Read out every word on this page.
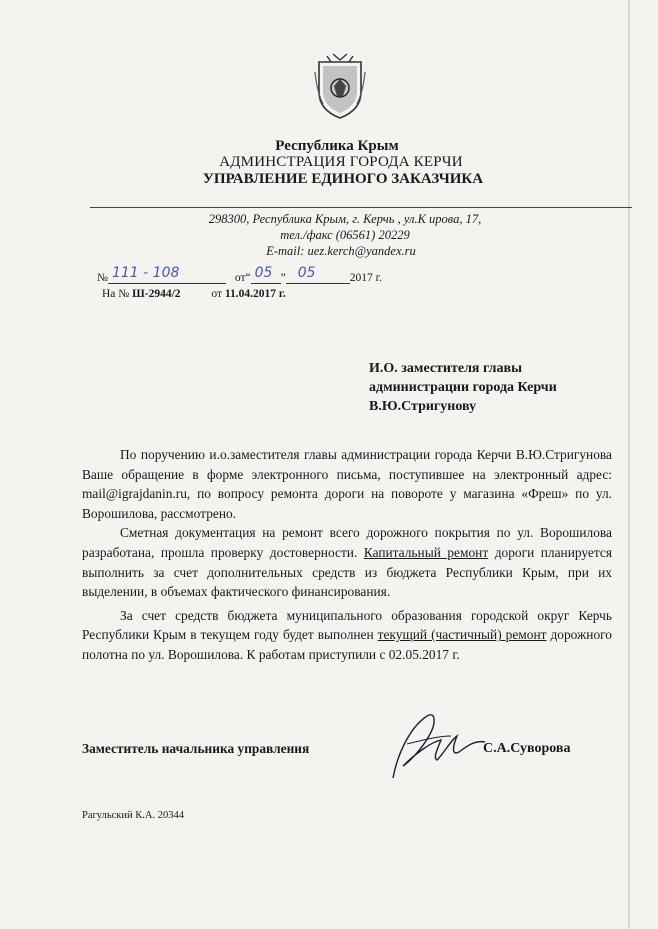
Республика Крым
АДМИНСТРАЦИЯ ГОРОДА КЕРЧИ
УПРАВЛЕНИЕ ЕДИНОГО ЗАКАЗЧИКА
298300, Республика Крым, г. Керчь , ул.К ирова, 17,
тел./факс (06561) 20229
E-mail: uez.kerch@yandex.ru
№ 111 - 108	от“ 05 ” 05	2017 г.
На № Ш-2944/2	от 11.04.2017 г.
И.О. заместителя главы
администрации города Керчи
В.Ю.Стригунову

По поручению и.о.заместителя главы администрации города Керчи В.Ю.Стригунова Ваше обращение в форме электронного письма, поступившее на электронный адрес: mail@igrajdanin.ru, по вопросу ремонта дороги на повороте у магазина «Фреш» по ул. Ворошилова, рассмотрено.

Сметная документация на ремонт всего дорожного покрытия по ул. Ворошилова разработана, прошла проверку достоверности. Капитальный ремонт дороги планируется выполнить за счет дополнительных средств из бюджета Республики Крым, при их выделении, в объемах фактического финансирования.

За счет средств бюджета муниципального образования городской округ Керчь Республики Крым в текущем году будет выполнен текущий (частичный) ремонт дорожного полотна по ул. Ворошилова. К работам приступили с 02.05.2017 г.

Заместитель начальника управления	С.А.Суворова
Рагульский К.А. 20344
